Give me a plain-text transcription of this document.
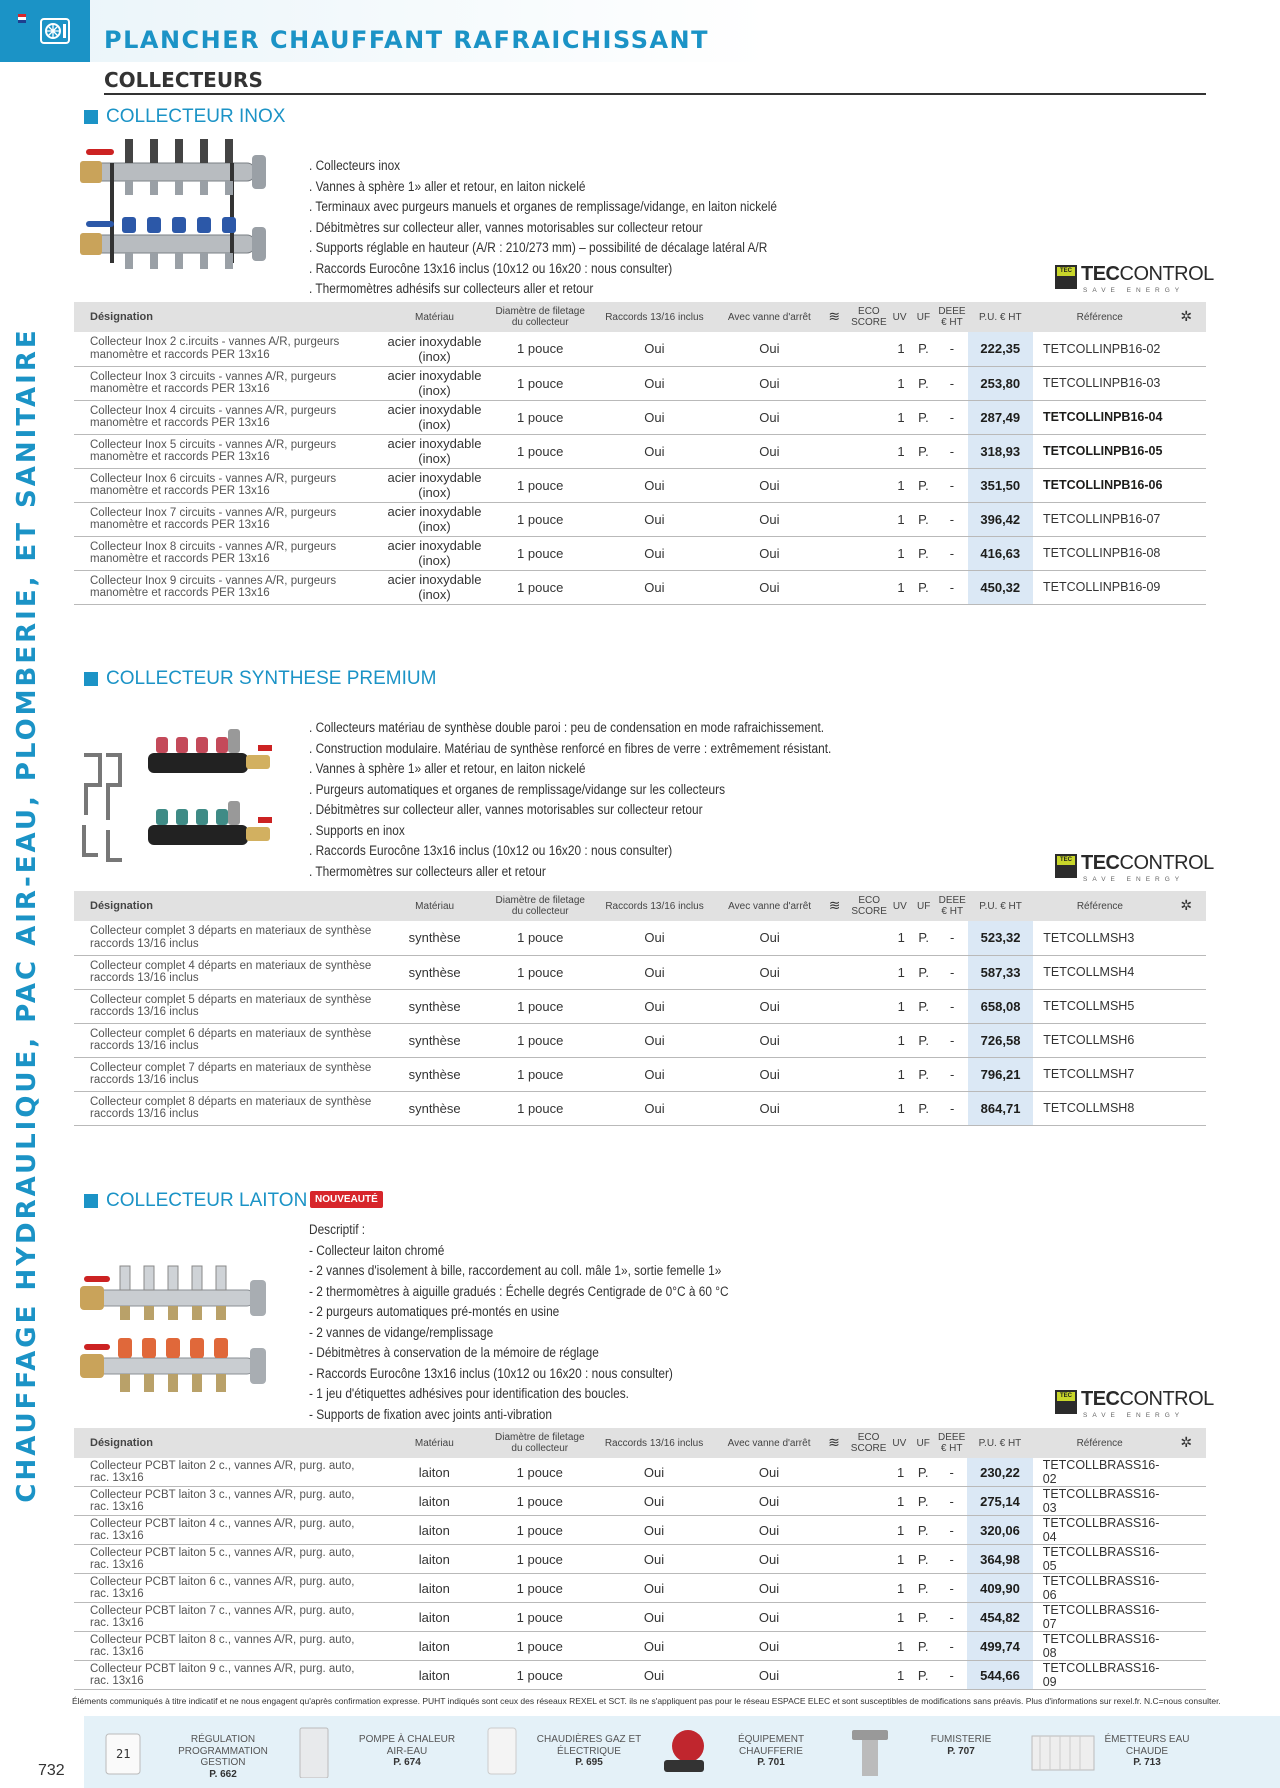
PLANCHER CHAUFFANT RAFRAICHISSANT
COLLECTEURS
CHAUFFAGE HYDRAULIQUE, PAC AIR-EAU, PLOMBERIE, ET SANITAIRE
COLLECTEUR INOX
. Collecteurs inox
. Vannes à sphère 1» aller et retour, en laiton nickelé
. Terminaux avec purgeurs manuels et organes de remplissage/vidange, en laiton nickelé
. Débitmètres sur collecteur aller, vannes motorisables sur collecteur retour
. Supports réglable en hauteur (A/R : 210/273 mm) – possibilité de décalage latéral A/R
. Raccords Eurocône 13x16 inclus (10x12 ou 16x20 : nous consulter)
. Thermomètres adhésifs sur collecteurs aller et retour
TEC TECCONTROL
SAVE ENERGY
Désignation	Matériau	Diamètre de filetage du collecteur	Raccords 13/16 inclus	Avec vanne d'arrêt	≋	ECO SCORE	UV	UF	DEEE € HT	P.U. € HT	Référence	✲
Collecteur Inox 2 c.ircuits - vannes A/R, purgeurs manomètre et raccords PER 13x16	acier inoxydable (inox)	1 pouce	Oui	Oui			1	P.	-	222,35	TETCOLLINPB16-02	
Collecteur Inox 3 circuits - vannes A/R, purgeurs manomètre et raccords PER 13x16	acier inoxydable (inox)	1 pouce	Oui	Oui			1	P.	-	253,80	TETCOLLINPB16-03	
Collecteur Inox 4 circuits - vannes A/R, purgeurs manomètre et raccords PER 13x16	acier inoxydable (inox)	1 pouce	Oui	Oui			1	P.	-	287,49	TETCOLLINPB16-04	
Collecteur Inox 5 circuits - vannes A/R, purgeurs manomètre et raccords PER 13x16	acier inoxydable (inox)	1 pouce	Oui	Oui			1	P.	-	318,93	TETCOLLINPB16-05	
Collecteur Inox 6 circuits - vannes A/R, purgeurs manomètre et raccords PER 13x16	acier inoxydable (inox)	1 pouce	Oui	Oui			1	P.	-	351,50	TETCOLLINPB16-06	
Collecteur Inox 7 circuits - vannes A/R, purgeurs manomètre et raccords PER 13x16	acier inoxydable (inox)	1 pouce	Oui	Oui			1	P.	-	396,42	TETCOLLINPB16-07	
Collecteur Inox 8 circuits - vannes A/R, purgeurs manomètre et raccords PER 13x16	acier inoxydable (inox)	1 pouce	Oui	Oui			1	P.	-	416,63	TETCOLLINPB16-08	
Collecteur Inox 9 circuits - vannes A/R, purgeurs manomètre et raccords PER 13x16	acier inoxydable (inox)	1 pouce	Oui	Oui			1	P.	-	450,32	TETCOLLINPB16-09	
COLLECTEUR SYNTHESE PREMIUM
. Collecteurs matériau de synthèse double paroi : peu de condensation en mode rafraichissement.
. Construction modulaire. Matériau de synthèse renforcé en fibres de verre : extrêmement résistant.
. Vannes à sphère 1» aller et retour, en laiton nickelé
. Purgeurs automatiques et organes de remplissage/vidange sur les collecteurs
. Débitmètres sur collecteur aller, vannes motorisables sur collecteur retour
. Supports en inox
. Raccords Eurocône 13x16 inclus (10x12 ou 16x20 : nous consulter)
. Thermomètres sur collecteurs aller et retour
TEC TECCONTROL
SAVE ENERGY
Désignation	Matériau	Diamètre de filetage du collecteur	Raccords 13/16 inclus	Avec vanne d'arrêt	≋	ECO SCORE	UV	UF	DEEE € HT	P.U. € HT	Référence	✲
Collecteur complet 3 départs en materiaux de synthèse raccords 13/16 inclus	synthèse	1 pouce	Oui	Oui			1	P.	-	523,32	TETCOLLMSH3	
Collecteur complet 4 départs en materiaux de synthèse raccords 13/16 inclus	synthèse	1 pouce	Oui	Oui			1	P.	-	587,33	TETCOLLMSH4	
Collecteur complet 5 départs en materiaux de synthèse raccords 13/16 inclus	synthèse	1 pouce	Oui	Oui			1	P.	-	658,08	TETCOLLMSH5	
Collecteur complet 6 départs en materiaux de synthèse raccords 13/16 inclus	synthèse	1 pouce	Oui	Oui			1	P.	-	726,58	TETCOLLMSH6	
Collecteur complet 7 départs en materiaux de synthèse raccords 13/16 inclus	synthèse	1 pouce	Oui	Oui			1	P.	-	796,21	TETCOLLMSH7	
Collecteur complet 8 départs en materiaux de synthèse raccords 13/16 inclus	synthèse	1 pouce	Oui	Oui			1	P.	-	864,71	TETCOLLMSH8	
COLLECTEUR LAITON NOUVEAUTÉ
Descriptif :
- Collecteur laiton chromé
- 2 vannes d'isolement à bille, raccordement au coll. mâle 1», sortie femelle 1»
- 2 thermomètres à aiguille gradués : Échelle degrés Centigrade de 0°C à 60 °C
- 2 purgeurs automatiques pré-montés en usine
- 2 vannes de vidange/remplissage
- Débitmètres à conservation de la mémoire de réglage
- Raccords Eurocône 13x16 inclus (10x12 ou 16x20 : nous consulter)
- 1 jeu d'étiquettes adhésives pour identification des boucles.
- Supports de fixation avec joints anti-vibration
TEC TECCONTROL
SAVE ENERGY
Désignation	Matériau	Diamètre de filetage du collecteur	Raccords 13/16 inclus	Avec vanne d'arrêt	≋	ECO SCORE	UV	UF	DEEE € HT	P.U. € HT	Référence	✲
Collecteur PCBT laiton 2 c., vannes A/R, purg. auto, rac. 13x16	laiton	1 pouce	Oui	Oui			1	P.	-	230,22	TETCOLLBRASS16-02	
Collecteur PCBT laiton 3 c., vannes A/R, purg. auto, rac. 13x16	laiton	1 pouce	Oui	Oui			1	P.	-	275,14	TETCOLLBRASS16-03	
Collecteur PCBT laiton 4 c., vannes A/R, purg. auto, rac. 13x16	laiton	1 pouce	Oui	Oui			1	P.	-	320,06	TETCOLLBRASS16-04	
Collecteur PCBT laiton 5 c., vannes A/R, purg. auto, rac. 13x16	laiton	1 pouce	Oui	Oui			1	P.	-	364,98	TETCOLLBRASS16-05	
Collecteur PCBT laiton 6 c., vannes A/R, purg. auto, rac. 13x16	laiton	1 pouce	Oui	Oui			1	P.	-	409,90	TETCOLLBRASS16-06	
Collecteur PCBT laiton 7 c., vannes A/R, purg. auto, rac. 13x16	laiton	1 pouce	Oui	Oui			1	P.	-	454,82	TETCOLLBRASS16-07	
Collecteur PCBT laiton 8 c., vannes A/R, purg. auto, rac. 13x16	laiton	1 pouce	Oui	Oui			1	P.	-	499,74	TETCOLLBRASS16-08	
Collecteur PCBT laiton 9 c., vannes A/R, purg. auto, rac. 13x16	laiton	1 pouce	Oui	Oui			1	P.	-	544,66	TETCOLLBRASS16-09	
Éléments communiqués à titre indicatif et ne nous engagent qu'après confirmation expresse. PUHT indiqués sont ceux des réseaux REXEL et SCT. ils ne s'appliquent pas pour le réseau ESPACE ELEC et sont susceptibles de modifications sans préavis. Plus d'informations sur rexel.fr. N.C=nous consulter.
732
21
RÉGULATION PROGRAMMATION GESTION
P. 662
POMPE À CHALEUR AIR-EAU
P. 674
CHAUDIÈRES GAZ ET ÉLECTRIQUE
P. 695
ÉQUIPEMENT CHAUFFERIE
P. 701
FUMISTERIE
P. 707
ÉMETTEURS EAU CHAUDE
P. 713
